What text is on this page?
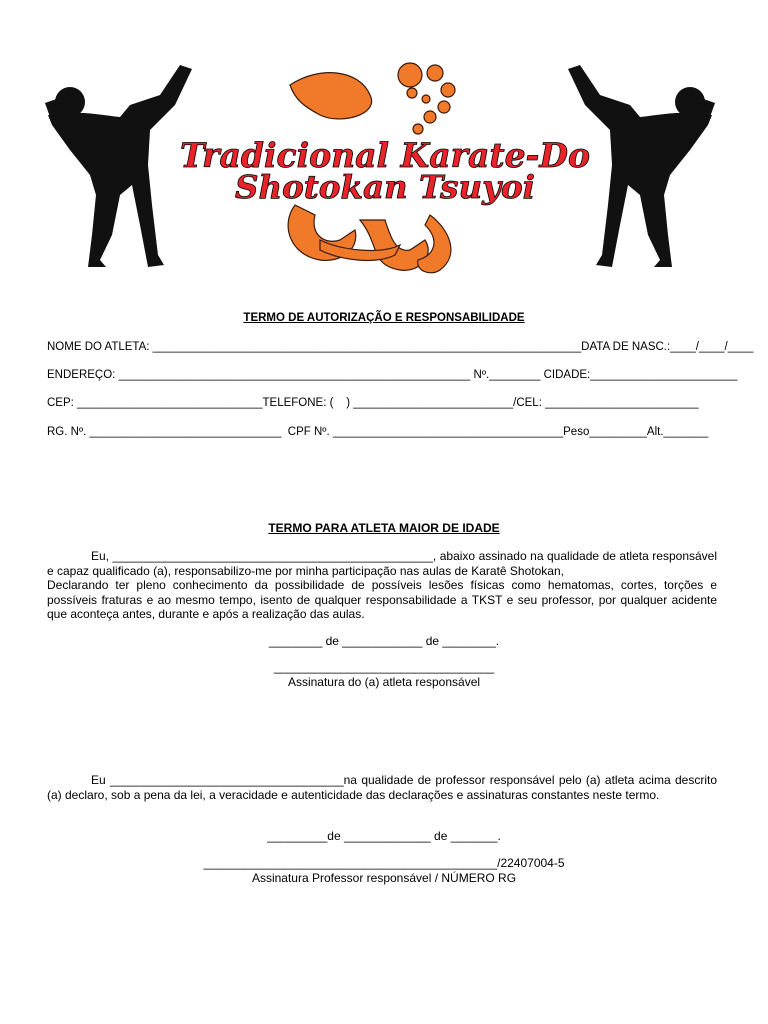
Tradicional Karate-Do
Shotokan Tsuyoi
TERMO DE AUTORIZAÇÃO E RESPONSABILIDADE
NOME DO ATLETA: ___________________________________________________________________DATA DE NASC.:____/____/____
ENDEREÇO: _______________________________________________________ Nº.________ CIDADE:_______________________
CEP: _____________________________TELEFONE: (    ) _________________________/CEL: ________________________
RG. Nº. ______________________________  CPF Nº. ____________________________________Peso_________Alt._______
TERMO PARA ATLETA MAIOR DE IDADE

Eu, ________________________________________________, abaixo assinado na qualidade de atleta responsável e capaz qualificado (a), responsabilizo-me por minha participação nas aulas de Karatê Shotokan,

Declarando ter pleno conhecimento da possibilidade de possíveis lesões físicas como hematomas, cortes, torções e possíveis fraturas e ao mesmo tempo, isento de qualquer responsabilidade a TKST e seu professor, por qualquer acidente que aconteça antes, durante e após a realização das aulas.

________ de ____________ de ________.
_________________________________
Assinatura do (a) atleta responsável

Eu ___________________________________na qualidade de professor responsável pelo (a) atleta acima descrito (a) declaro, sob a pena da lei, a veracidade e autenticidade das declarações e assinaturas constantes neste termo.

_________de _____________ de _______.
____________________________________________/22407004-5
Assinatura Professor responsável / NÚMERO RG
